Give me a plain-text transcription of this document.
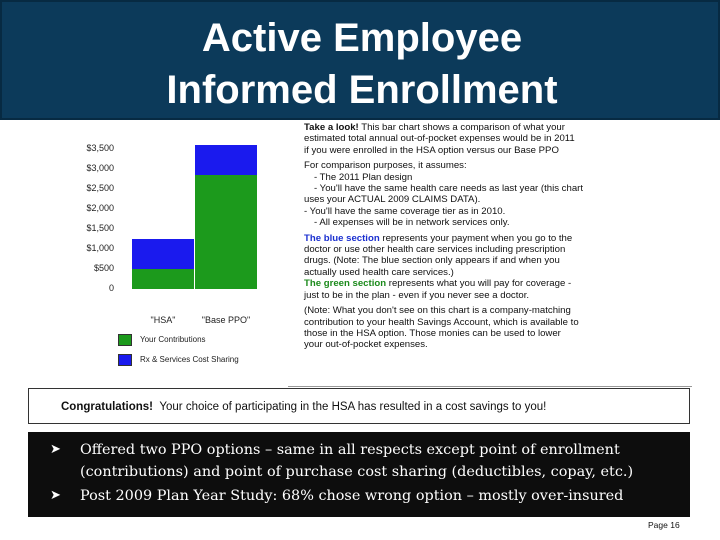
Active Employee
Informed Enrollment
$3,500
$3,000
$2,500
$2,000
$1,500
$1,000
$500
0
"HSA"	"Base PPO"
Your Contributions
Rx & Services Cost Sharing
Take a look! This bar chart shows a comparison of what your
estimated total annual out-of-pocket expenses would be in 2011
if you were enrolled in the HSA option versus our Base PPO
For comparison purposes, it assumes:
- The 2011 Plan design
- You'll have the same health care needs as last year (this chart
uses your ACTUAL 2009 CLAIMS DATA).
- You'll have the same coverage tier as in 2010.
- All expenses will be in network services only.
The blue section represents your payment when you go to the
doctor or use other health care services including prescription
drugs. (Note: The blue section only appears if and when you
actually used health care services.)
The green section represents what you will pay for coverage -
just to be in the plan - even if you never see a doctor.
(Note: What you don't see on this chart is a company-matching
contribution to your health Savings Account, which is available to
those in the HSA option. Those monies can be used to lower
your out-of-pocket expenses.
Congratulations! Your choice of participating in the HSA has resulted in a cost savings to you!
➤ Offered two PPO options – same in all respects except point of enrollment
(contributions) and point of purchase cost sharing (deductibles, copay, etc.)
➤ Post 2009 Plan Year Study: 68% chose wrong option – mostly over-insured
Page 16
